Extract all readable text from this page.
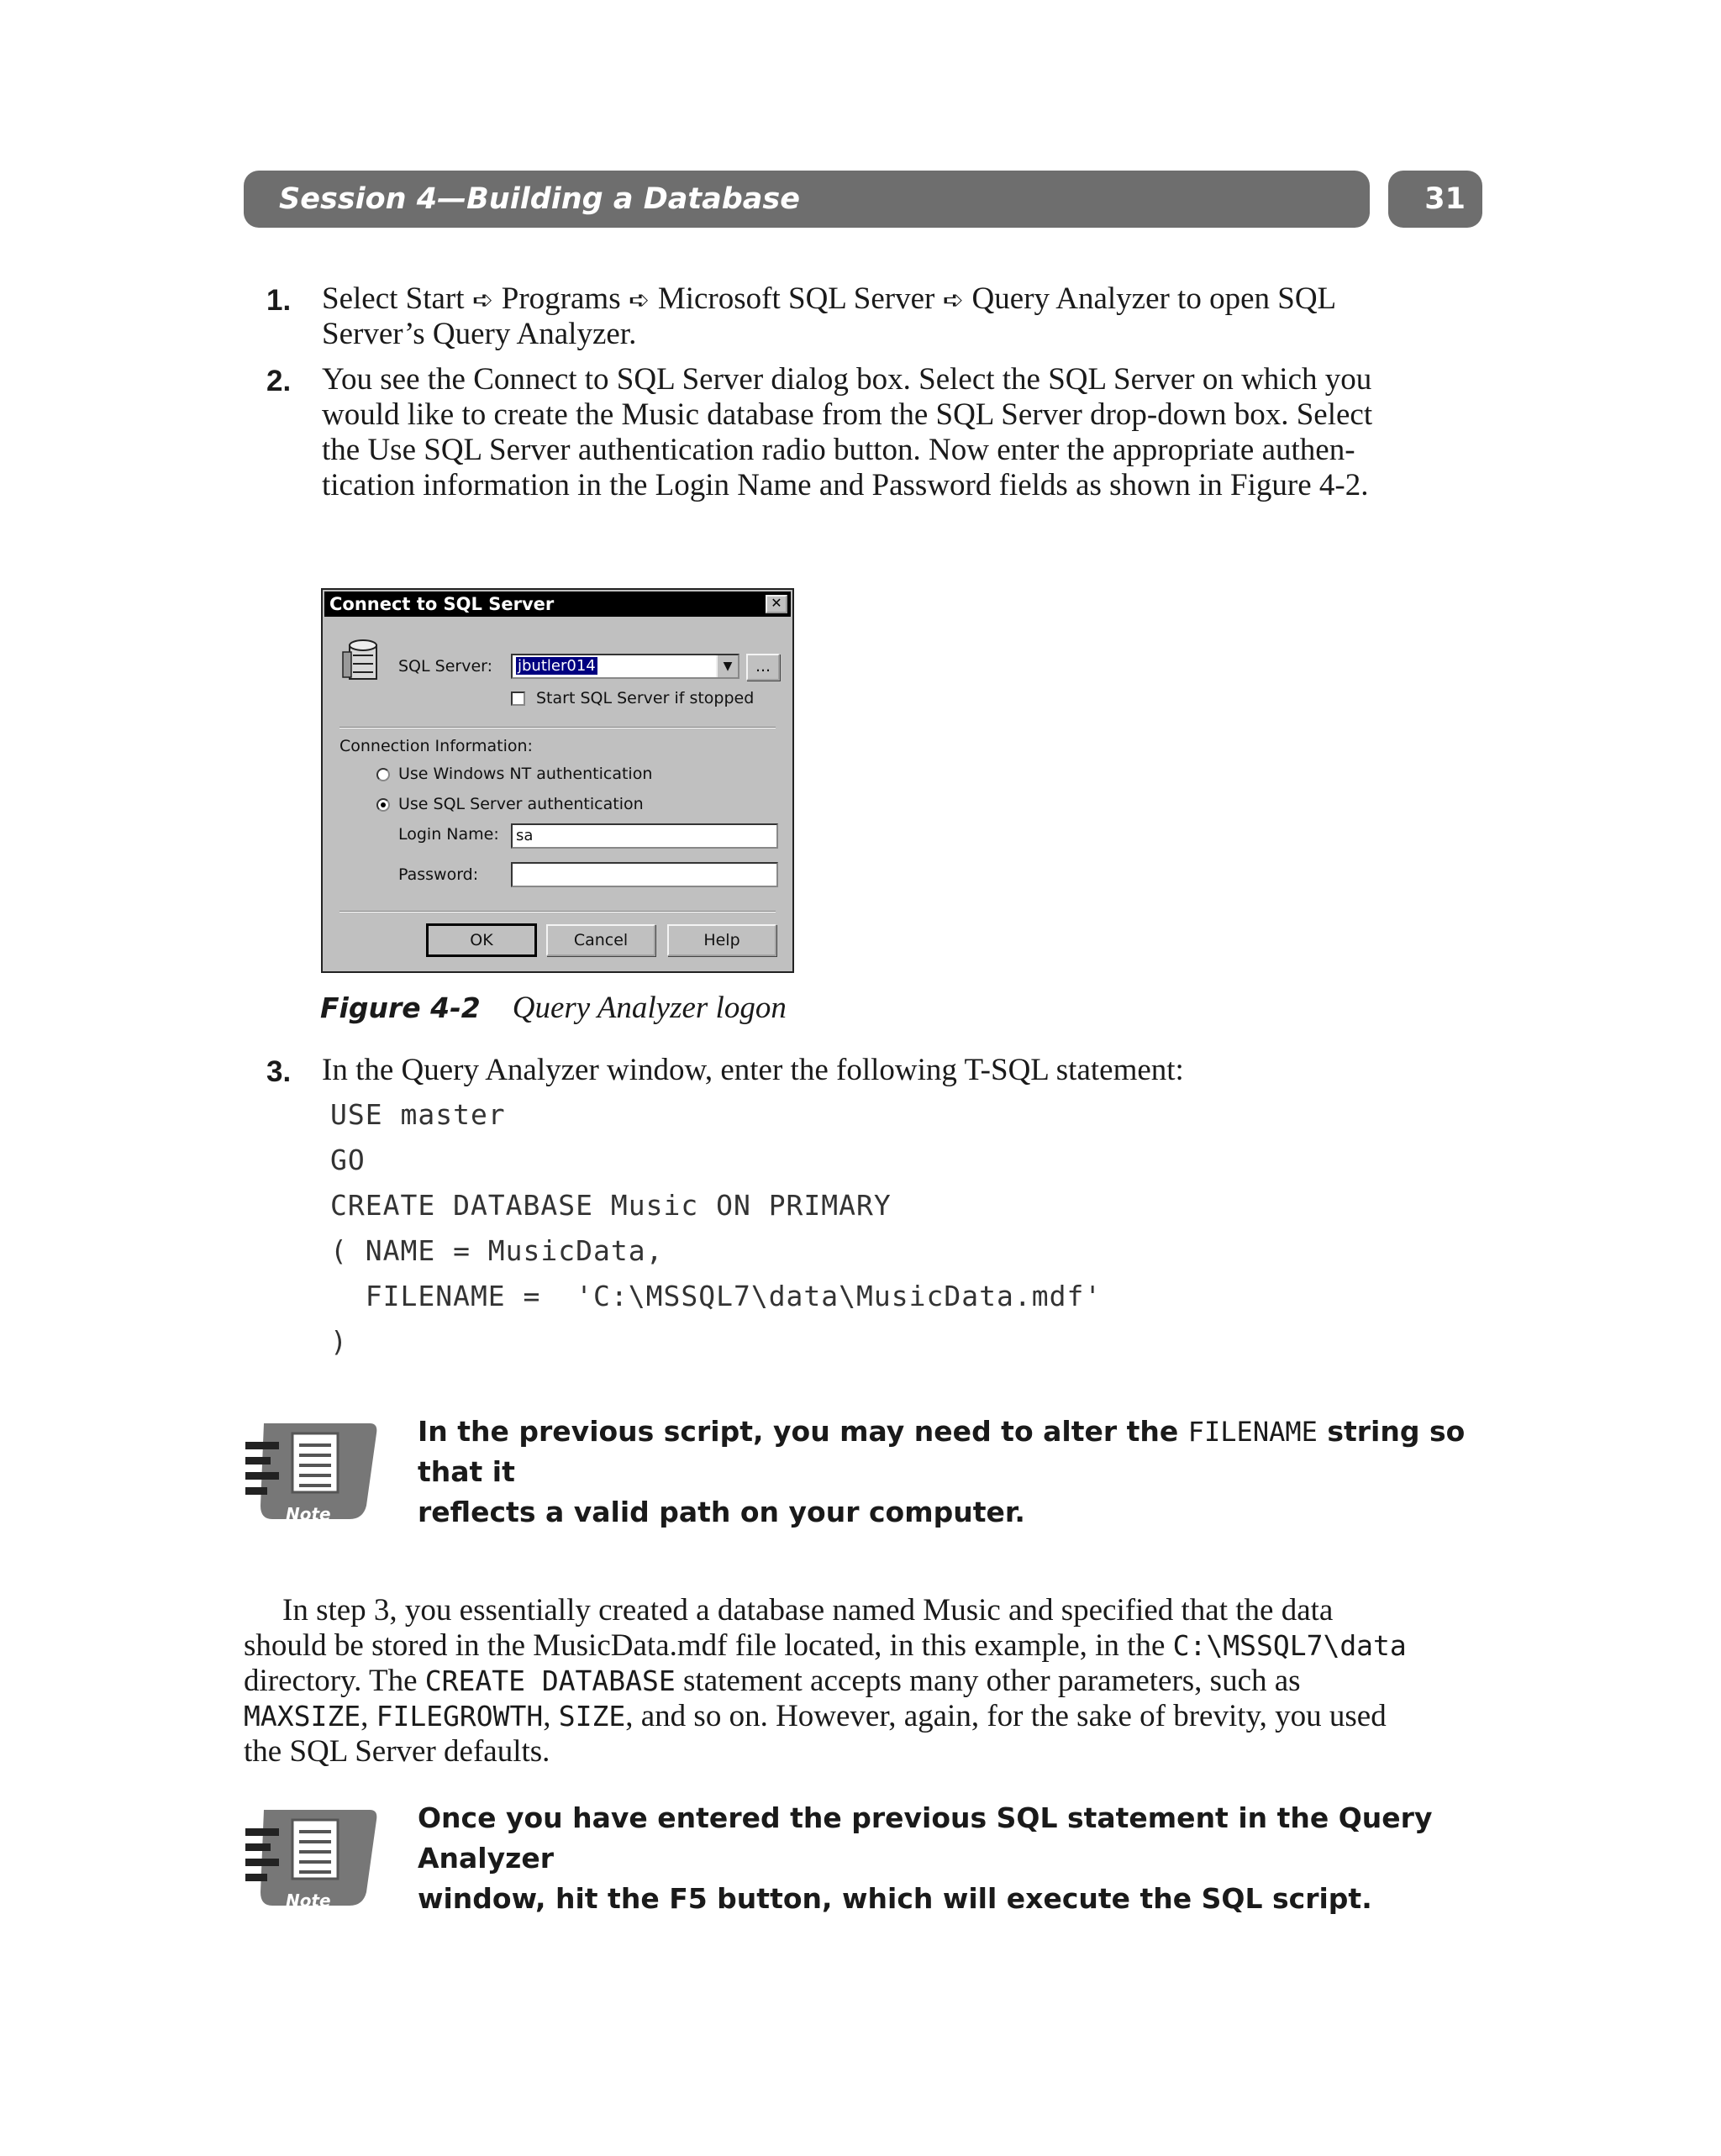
Session 4—Building a Database	31
1. Select Start ➪ Programs ➪ Microsoft SQL Server ➪ Query Analyzer to open SQL
Server’s Query Analyzer.
2. You see the Connect to SQL Server dialog box. Select the SQL Server on which you
would like to create the Music database from the SQL Server drop-down box. Select
the Use SQL Server authentication radio button. Now enter the appropriate authen-
tication information in the Login Name and Password fields as shown in Figure 4-2.
Connect to SQL Server	✕
SQL Server:	jbutler014	▼	...
Start SQL Server if stopped
Connection Information:
Use Windows NT authentication
Use SQL Server authentication
Login Name:	sa
Password:
OK	Cancel	Help
Figure 4-2 Query Analyzer logon
3. In the Query Analyzer window, enter the following T-SQL statement:
USE master
GO
CREATE DATABASE Music ON PRIMARY
( NAME = MusicData,
FILENAME =  'C:\MSSQL7\data\MusicData.mdf'
)
Note
In the previous script, you may need to alter the FILENAME string so that it
reflects a valid path on your computer.
In step 3, you essentially created a database named Music and specified that the data
should be stored in the MusicData.mdf file located, in this example, in the C:\MSSQL7\data
directory. The CREATE DATABASE statement accepts many other parameters, such as
MAXSIZE, FILEGROWTH, SIZE, and so on. However, again, for the sake of brevity, you used
the SQL Server defaults.
Note
Once you have entered the previous SQL statement in the Query Analyzer
window, hit the F5 button, which will execute the SQL script.
